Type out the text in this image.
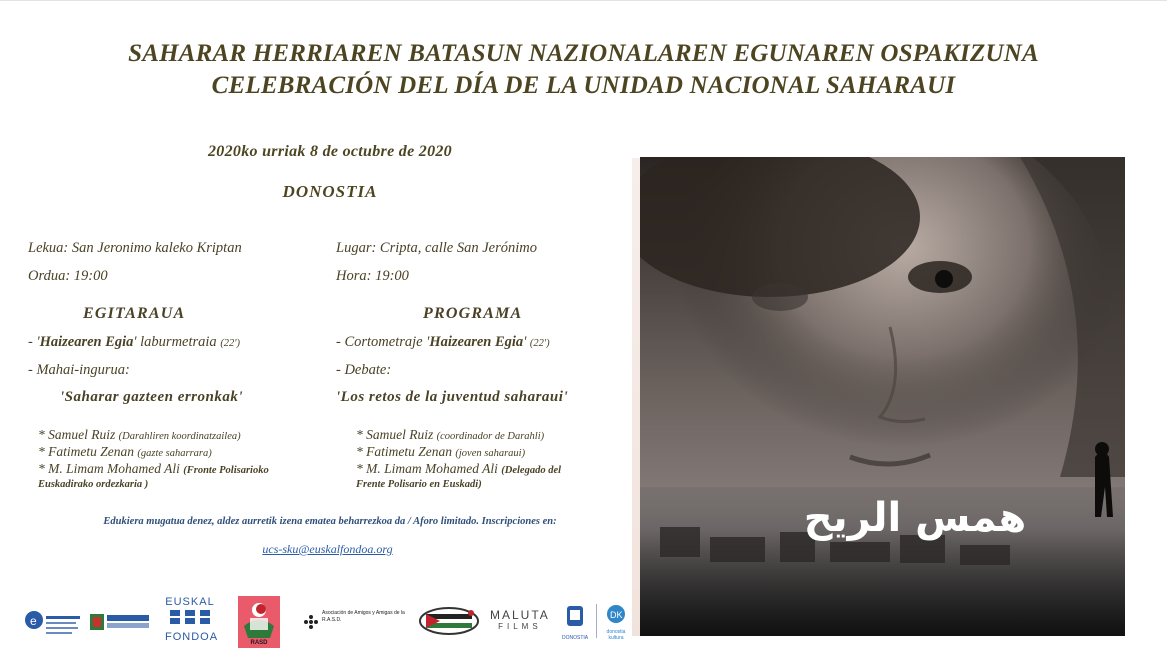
SAHARAR HERRIAREN BATASUN NAZIONALAREN EGUNAREN OSPAKIZUNA
CELEBRACIÓN DEL DÍA DE LA UNIDAD NACIONAL SAHARAUI
2020ko urriak 8 de octubre de 2020
DONOSTIA
Lekua: San Jeronimo kaleko Kriptan
Ordua: 19:00
EGITARAUA
- 'Haizearen Egia' laburmetraia (22')
- Mahai-ingurua:
'Saharar gazteen erronkak'
* Samuel Ruiz (Darahliren koordinatzailea)
* Fatimetu Zenan (gazte saharrara)
* M. Limam Mohamed Ali (Fronte Polisarioko
Euskadirako ordezkaria )
Lugar: Cripta, calle San Jerónimo
Hora: 19:00
PROGRAMA
- Cortometraje 'Haizearen Egia' (22')
- Debate:
'Los retos de la juventud saharaui'
* Samuel Ruiz (coordinador de Darahli)
* Fatimetu Zenan (joven saharaui)
* M. Limam Mohamed Ali (Delegado del
Frente Polisario en Euskadi)
Edukiera mugatua denez, aldez aurretik izena ematea beharrezkoa da / Aforo limitado. Inscripciones en:
ucs-sku@euskalfondoa.org
همس الريح
e
EUSKAL
FONDOA	RASD
Asociación de Amigos y Amigas de la R.A.S.D.	MALUTA
FILMS
DONOSTIA
DK
donostia kultura
